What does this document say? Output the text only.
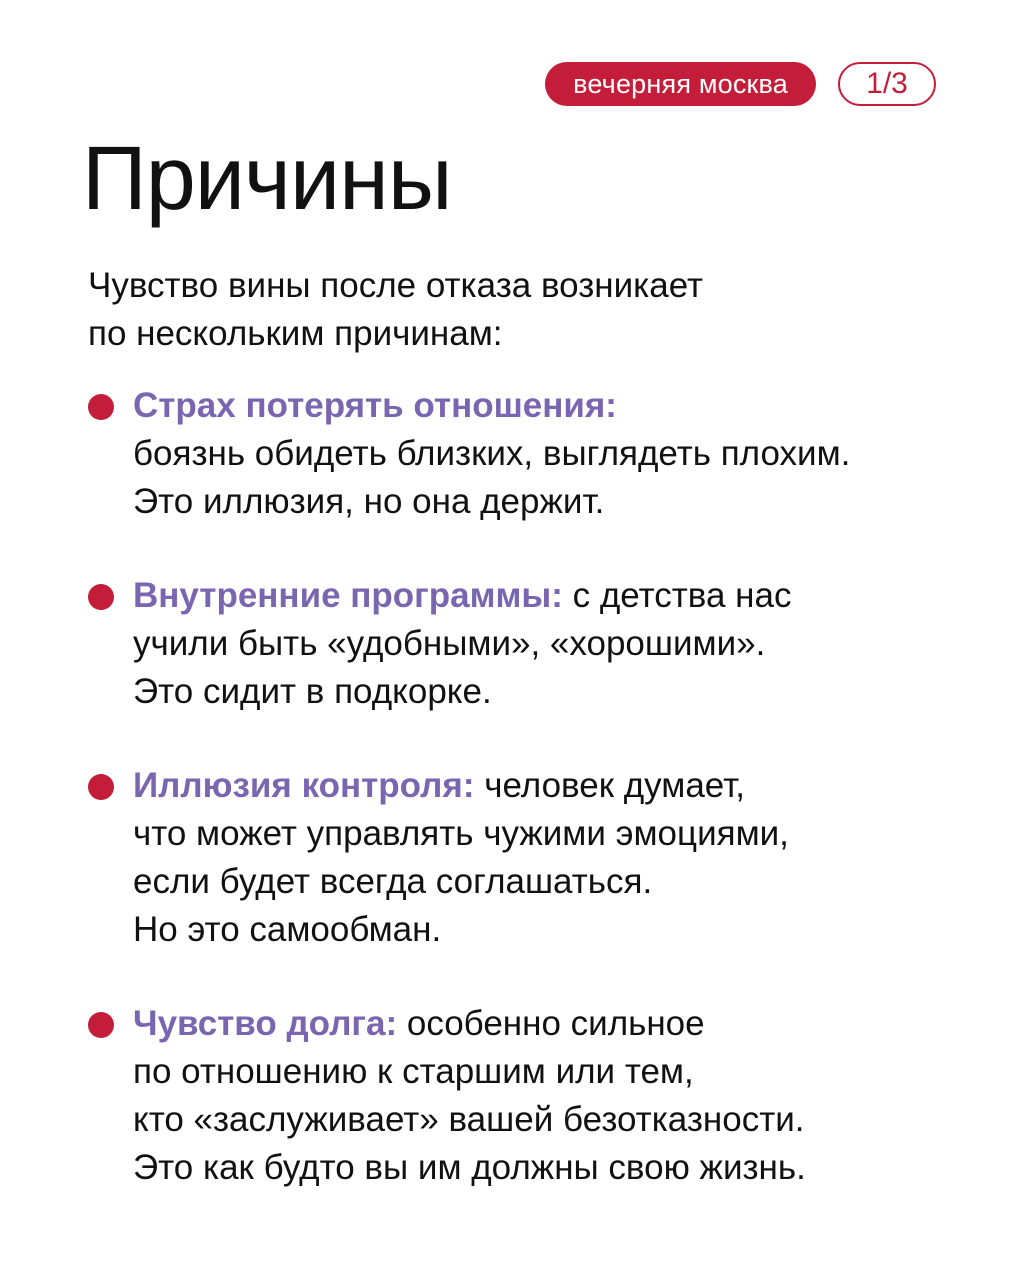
вечерняя москва	1/3
Причины

Чувство вины после отказа возникает
по нескольким причинам:

Страх потерять отношения:
боязнь обидеть близких, выглядеть плохим.
Это иллюзия, но она держит.
Внутренние программы: с детства нас
учили быть «удобными», «хорошими».
Это сидит в подкорке.
Иллюзия контроля: человек думает,
что может управлять чужими эмоциями,
если будет всегда соглашаться.
Но это самообман.
Чувство долга: особенно сильное
по отношению к старшим или тем,
кто «заслуживает» вашей безотказности.
Это как будто вы им должны свою жизнь.
